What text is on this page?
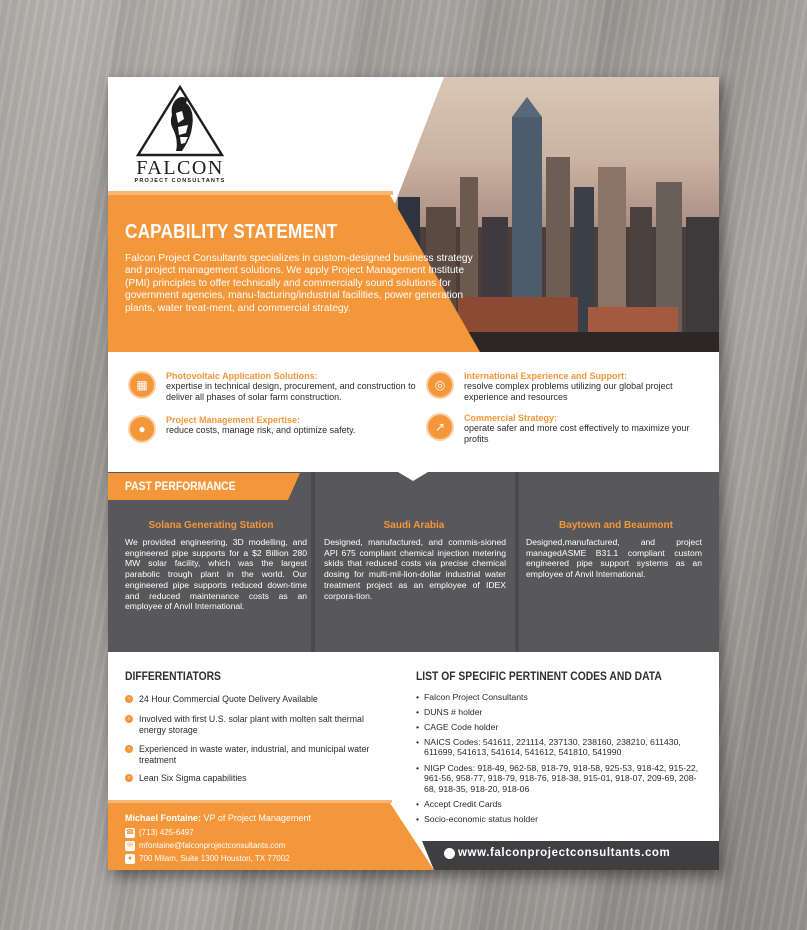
FALCON
PROJECT CONSULTANTS
CAPABILITY STATEMENT
Falcon Project Consultants specializes in custom-designed business strategy and project management solutions. We apply Project Management Institute (PMI) principles to offer technically and commercially sound solutions for government agencies, manu-facturing/industrial facilities, power generation plants, water treat-ment, and commercial strategy.
▦
Photovoltaic Application Solutions:
expertise in technical design, procurement, and construction to deliver all phases of solar farm construction.
●
Project Management Expertise:
reduce costs, manage risk, and optimize safety.
◎
International Experience and Support:
resolve complex problems utilizing our global project experience and resources
↗
Commercial Strategy:
operate safer and more cost effectively to maximize your profits
PAST PERFORMANCE
Solana Generating Station
We provided engineering, 3D modelling, and engineered pipe supports for a $2 Billion 280 MW solar facility, which was the largest parabolic trough plant in the world. Our engineered pipe supports reduced down-time and reduced maintenance costs as an employee of Anvil International.
Saudi Arabia
Designed, manufactured, and commis-sioned API 675 compliant chemical injection metering skids that reduced costs via precise chemical dosing for multi-mil-lion-dollar industrial water treatment project as an employee of IDEX corpora-tion.
Baytown and Beaumont
Designed,manufactured, and project managedASME B31.1 compliant custom engineered pipe support systems as an employee of Anvil International.
DIFFERENTIATORS
›	24 Hour Commercial Quote Delivery Available
›	Involved with first U.S. solar plant with molten salt thermal energy storage
›	Experienced in waste water, industrial, and municipal water treatment
›	Lean Six Sigma capabilities
LIST OF SPECIFIC PERTINENT CODES AND DATA
• Falcon Project Consultants
• DUNS # holder
• CAGE Code holder
• NAICS Codes: 541611, 221114, 237130, 238160, 238210, 611430, 611699, 541613, 541614, 541612, 541810, 541990
• NIGP Codes: 918-49, 962-58, 918-79, 918-58, 925-53, 918-42, 915-22, 961-56, 958-77, 918-79, 918-76, 918-38, 915-01, 918-07, 209-69, 208-68, 918-35, 918-20, 918-06
• Accept Credit Cards
• Socio-economic status holder
Michael Fontaine: VP of Project Management
☎ (713) 425-6497
✉ mfontaine@falconprojectconsultants.com
● 700 Milam, Suite 1300 Houston, TX 77002	www.falconprojectconsultants.com
